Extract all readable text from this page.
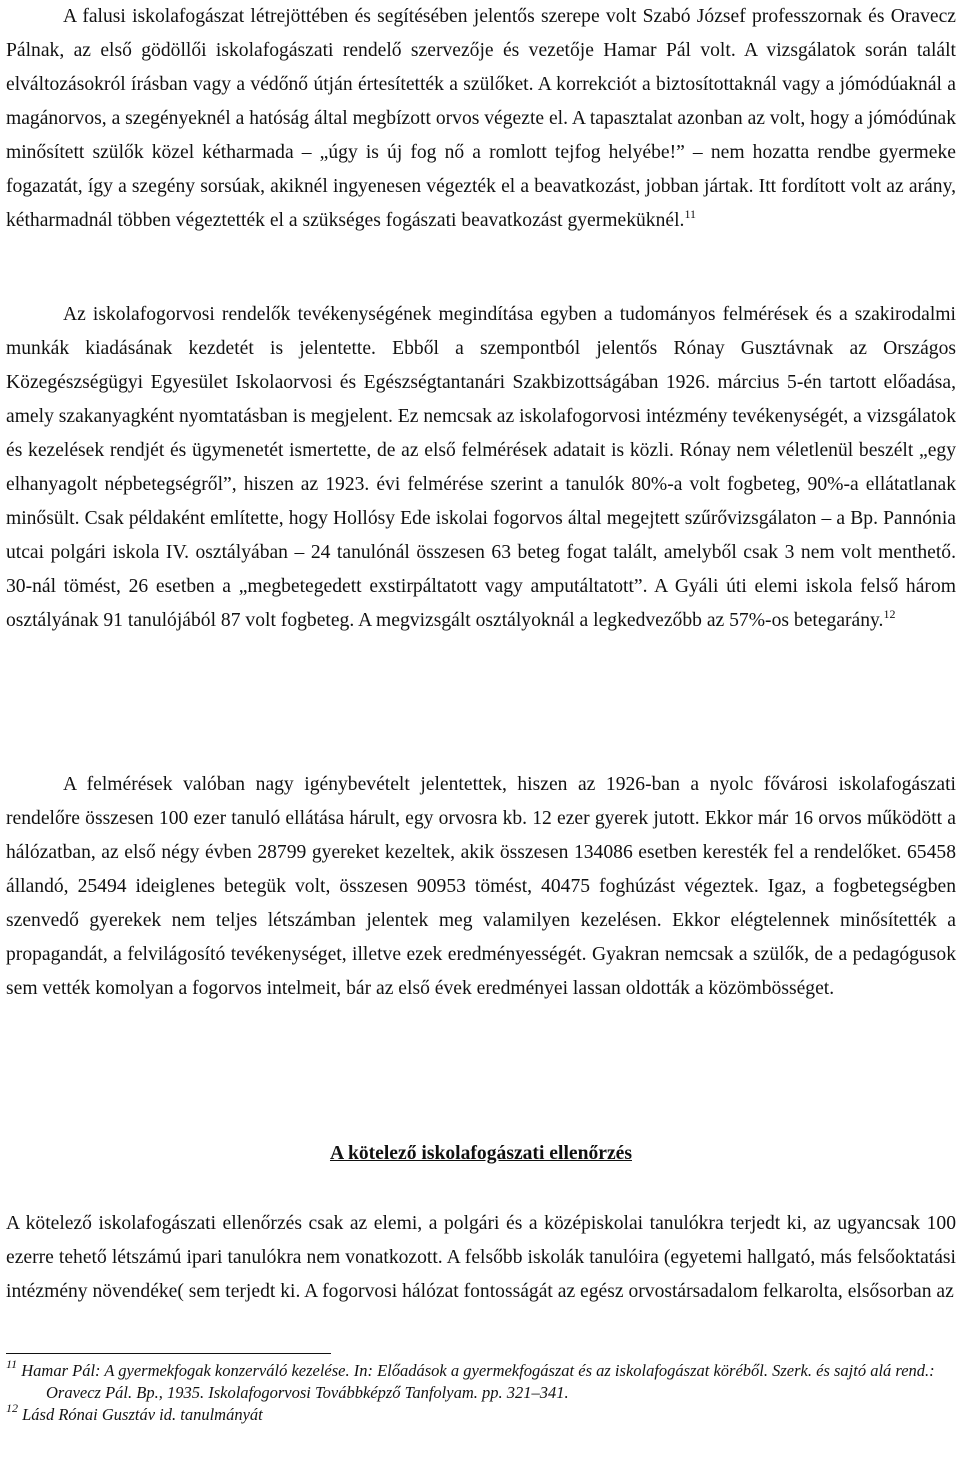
A falusi iskolafogászat létrejöttében és segítésében jelentős szerepe volt Szabó József professzornak és Oravecz Pálnak, az első gödöllői iskolafogászati rendelő szervezője és vezetője Hamar Pál volt. A vizsgálatok során talált elváltozásokról írásban vagy a védőnő útján értesítették a szülőket. A korrekciót a biztosítottaknál vagy a jómódúaknál a magánorvos, a szegényeknél a hatóság által megbízott orvos végezte el. A tapasztalat azonban az volt, hogy a jómódúnak minősített szülők közel kétharmada – „úgy is új fog nő a romlott tejfog helyébe!” – nem hozatta rendbe gyermeke fogazatát, így a szegény sorsúak, akiknél ingyenesen végezték el a beavatkozást, jobban jártak. Itt fordított volt az arány, kétharmadnál többen végeztették el a szükséges fogászati beavatkozást gyermeküknél.$^{11}$

Az iskolafogorvosi rendelők tevékenységének megindítása egyben a tudományos felmérések és a szakirodalmi munkák kiadásának kezdetét is jelentette. Ebből a szempontból jelentős Rónay Gusztávnak az Országos Közegészségügyi Egyesület Iskolaorvosi és Egészségtantanári Szakbizottságában 1926. március 5-én tartott előadása, amely szakanyagként nyomtatásban is megjelent. Ez nemcsak az iskolafogorvosi intézmény tevékenységét, a vizsgálatok és kezelések rendjét és ügymenetét ismertette, de az első felmérések adatait is közli. Rónay nem véletlenül beszélt „egy elhanyagolt népbetegségről”, hiszen az 1923. évi felmérése szerint a tanulók 80%-a volt fogbeteg, 90%-a ellátatlanak minősült. Csak példaként említette, hogy Hollósy Ede iskolai fogorvos által megejtett szűrővizsgálaton – a Bp. Pannónia utcai polgári iskola IV. osztályában – 24 tanulónál összesen 63 beteg fogat talált, amelyből csak 3 nem volt menthető. 30-nál tömést, 26 esetben a „megbetegedett exstirpáltatott vagy amputáltatott”. A Gyáli úti elemi iskola felső három osztályának 91 tanulójából 87 volt fogbeteg. A megvizsgált osztályoknál a legkedvezőbb az 57%-os betegarány.$^{12}$

A felmérések valóban nagy igénybevételt jelentettek, hiszen az 1926-ban a nyolc fővárosi iskolafogászati rendelőre összesen 100 ezer tanuló ellátása hárult, egy orvosra kb. 12 ezer gyerek jutott. Ekkor már 16 orvos működött a hálózatban, az első négy évben 28799 gyereket kezeltek, akik összesen 134086 esetben keresték fel a rendelőket. 65458 állandó, 25494 ideiglenes betegük volt, összesen 90953 tömést, 40475 foghúzást végeztek. Igaz, a fogbetegségben szenvedő gyerekek nem teljes létszámban jelentek meg valamilyen kezelésen. Ekkor elégtelennek minősítették a propagandát, a felvilágosító tevékenységet, illetve ezek eredményességét. Gyakran nemcsak a szülők, de a pedagógusok sem vették komolyan a fogorvos intelmeit, bár az első évek eredményei lassan oldották a közömbösséget.

A kötelező iskolafogászati ellenőrzés

A kötelező iskolafogászati ellenőrzés csak az elemi, a polgári és a középiskolai tanulókra terjedt ki, az ugyancsak 100 ezerre tehető létszámú ipari tanulókra nem vonatkozott. A felsőbb iskolák tanulóira (egyetemi hallgató, más felsőoktatási intézmény növendéke( sem terjedt ki. A fogorvosi hálózat fontosságát az egész orvostársadalom felkarolta, elsősorban az

$^{11}$ Hamar Pál: A gyermekfogak konzerváló kezelése. In: Előadások a gyermekfogászat és az iskolafogászat köréből. Szerk. és sajtó alá rend.: Oravecz Pál. Bp., 1935. Iskolafogorvosi Továbbképző Tanfolyam. pp. 321–341.

$^{12}$ Lásd Rónai Gusztáv id. tanulmányát
